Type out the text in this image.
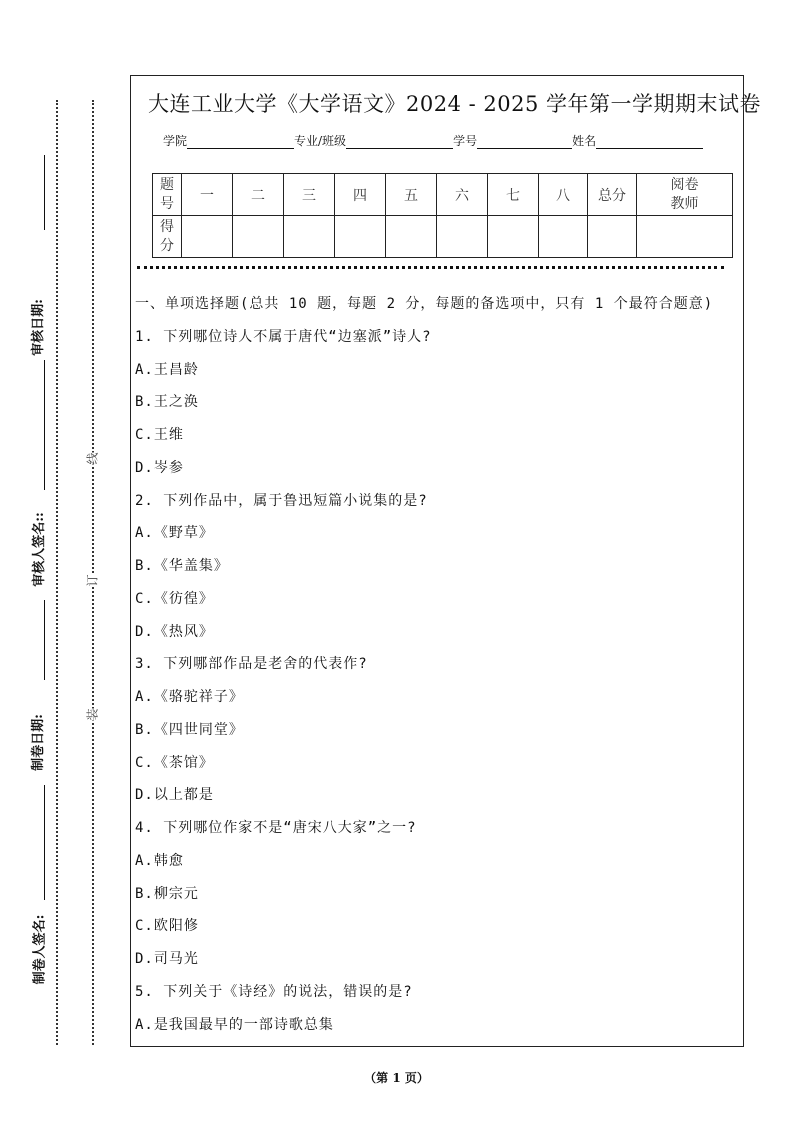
审核日期:
审核人签名::
制卷日期:
制卷人签名:
线
订
装
大连工业大学《大学语文》2024 - 2025 学年第一学期期末试卷
学院	专业/班级	学号	姓名
题号	一	二	三	四	五	六	七	八	总分	阅卷教师
得分										
一、单项选择题(总共 10 题，每题 2 分，每题的备选项中，只有 1 个最符合题意)
1. 下列哪位诗人不属于唐代“边塞派”诗人?
A.王昌龄
B.王之涣
C.王维
D.岑参
2. 下列作品中，属于鲁迅短篇小说集的是?
A.《野草》
B.《华盖集》
C.《彷徨》
D.《热风》
3. 下列哪部作品是老舍的代表作?
A.《骆驼祥子》
B.《四世同堂》
C.《茶馆》
D.以上都是
4. 下列哪位作家不是“唐宋八大家”之一?
A.韩愈
B.柳宗元
C.欧阳修
D.司马光
5. 下列关于《诗经》的说法，错误的是?
A.是我国最早的一部诗歌总集
（第 1 页）
